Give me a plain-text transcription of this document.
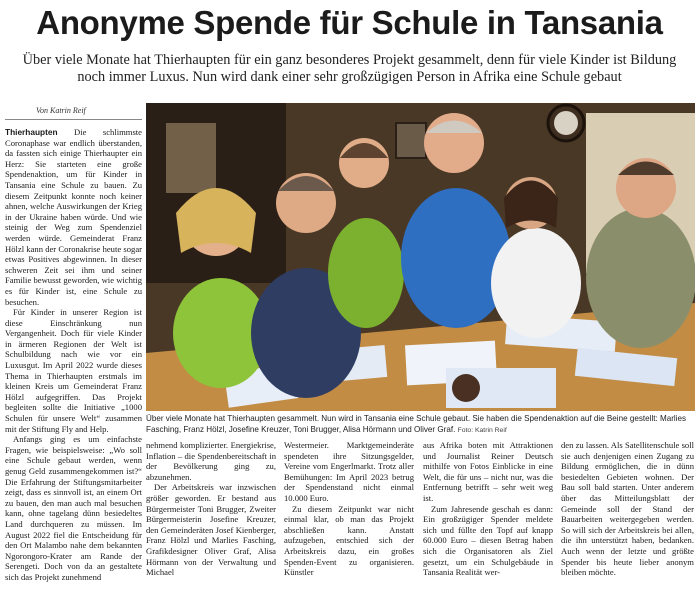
Anonyme Spende für Schule in Tansania

Über viele Monate hat Thierhaupten für ein ganz besonderes Projekt gesammelt, denn für viele Kinder ist Bildung noch immer Luxus. Nun wird dank einer sehr großzügigen Person in Afrika eine Schule gebaut

Von Katrin Reif

Thierhaupten Die schlimmste Coronaphase war endlich überstanden, da fassten sich einige Thierhaupter ein Herz: Sie starteten eine große Spendenaktion, um für Kinder in Tansania eine Schule zu bauen. Zu diesem Zeitpunkt konnte noch keiner ahnen, welche Auswirkungen der Krieg in der Ukraine haben würde. Und wie steinig der Weg zum Spendenziel werden würde. Gemeinderat Franz Hölzl kann der Coronakrise heute sogar etwas Positives abgewinnen. In dieser schweren Zeit sei ihm und seiner Familie bewusst geworden, wie wichtig es für Kinder ist, eine Schule zu besuchen.

Für Kinder in unserer Region ist diese Einschränkung nun Vergangenheit. Doch für viele Kinder in ärmeren Regionen der Welt ist Schulbildung nach wie vor ein Luxusgut. Im April 2022 wurde dieses Thema in Thierhaupten erstmals im kleinen Kreis um Gemeinderat Franz Hölzl aufgegriffen. Das Projekt begleiten sollte die Initiative „1000 Schulen für unsere Welt“ zusammen mit der Stiftung Fly and Help.

Anfangs ging es um einfachste Fragen, wie beispielsweise: „Wo soll eine Schule gebaut werden, wenn genug Geld zusammengekommen ist?“ Die Erfahrung der Stiftungsmitarbeiter zeigt, dass es sinnvoll ist, an einem Ort zu bauen, den man auch mal besuchen kann, ohne tagelang dünn besiedeltes Land durchqueren zu müssen. Im August 2022 fiel die Entscheidung für den Ort Malambo nahe dem bekannten Ngorongoro-Krater am Rande der Serengeti. Doch von da an gestaltete sich das Projekt zunehmend

Über viele Monate hat Thierhaupten gesammelt. Nun wird in Tansania eine Schule gebaut. Sie haben die Spendenaktion auf die Beine gestellt: Marlies Fasching, Franz Hölzl, Josefine Kreuzer, Toni Brugger, Alisa Hörmann und Oliver Graf. Foto: Katrin Reif

nehmend komplizierter. Energiekrise, Inflation – die Spendenbereitschaft in der Bevölkerung ging zu, abzunehmen.

Der Arbeitskreis war inzwischen größer geworden. Er bestand aus Bürgermeister Toni Brugger, Zweiter Bürgermeisterin Josefine Kreuzer, den Gemeinderäten Josef Kienberger, Franz Hölzl und Marlies Fasching, Grafikdesigner Oliver Graf, Alisa Hörmann von der Verwaltung und Michael

Westermeier. Marktgemeinderäte spendeten ihre Sitzungsgelder, Vereine vom Engerlmarkt. Trotz aller Bemühungen: Im April 2023 betrug der Spendenstand nicht einmal 10.000 Euro.

Zu diesem Zeitpunkt war nicht einmal klar, ob man das Projekt abschließen kann. Anstatt aufzugeben, entschied sich der Arbeitskreis dazu, ein großes Spenden-Event zu organisieren. Künstler

aus Afrika boten mit Attraktionen und Journalist Reiner Deutsch mithilfe von Fotos Einblicke in eine Welt, die für uns – nicht nur, was die Entfernung betrifft – sehr weit weg ist.

Zum Jahresende geschah es dann: Ein großzügiger Spender meldete sich und füllte den Topf auf knapp 60.000 Euro – diesen Betrag haben sich die Organisatoren als Ziel gesetzt, um ein Schulgebäude in Tansania Realität wer-

den zu lassen. Als Satellitenschule soll sie auch denjenigen einen Zugang zu Bildung ermöglichen, die in dünn besiedelten Gebieten wohnen. Der Bau soll bald starten. Unter anderem über das Mitteilungsblatt der Gemeinde soll der Stand der Bauarbeiten weitergegeben werden. So will sich der Arbeitskreis bei allen, die ihn unterstützt haben, bedanken. Auch wenn der letzte und größte Spender bis heute lieber anonym bleiben möchte.
